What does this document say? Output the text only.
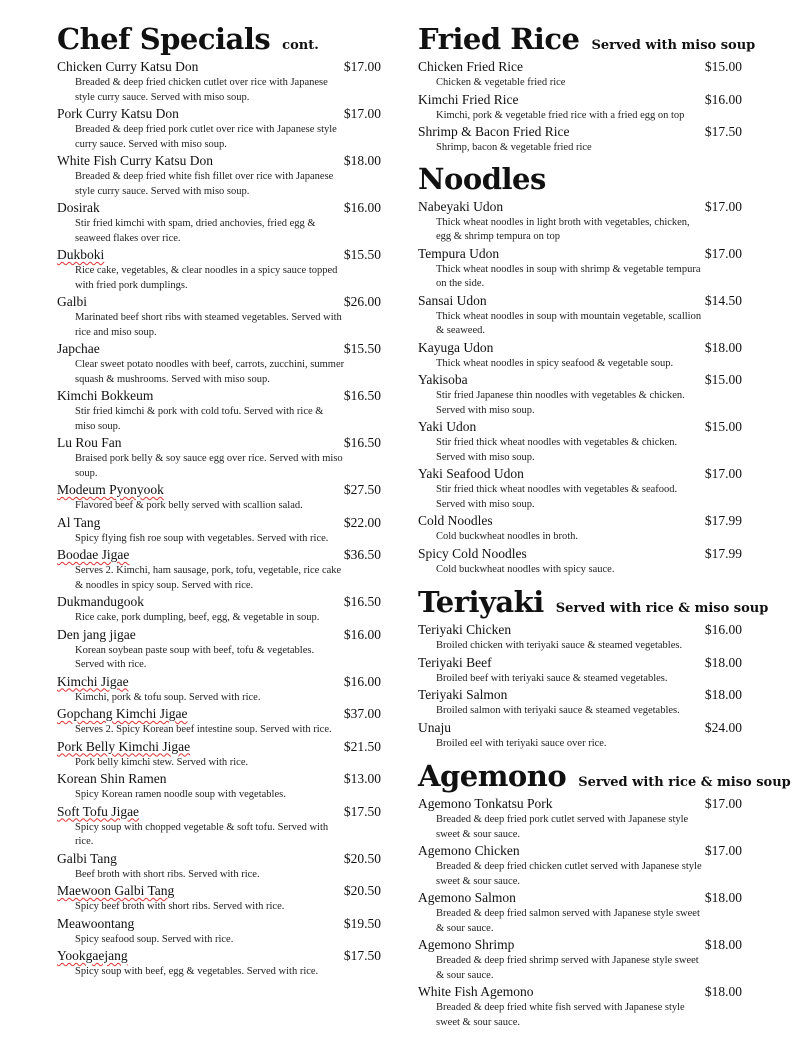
Chef Specials cont.
Chicken Curry Katsu Don	$17.00

Breaded & deep fried chicken cutlet over rice with Japanese style curry sauce. Served with miso soup.

Pork Curry Katsu Don	$17.00

Breaded & deep fried pork cutlet over rice with Japanese style curry sauce. Served with miso soup.

White Fish Curry Katsu Don	$18.00

Breaded & deep fried white fish fillet over rice with Japanese style curry sauce. Served with miso soup.

Dosirak	$16.00

Stir fried kimchi with spam, dried anchovies, fried egg & seaweed flakes over rice.

Dukboki	$15.50

Rice cake, vegetables, & clear noodles in a spicy sauce topped with fried pork dumplings.

Galbi	$26.00

Marinated beef short ribs with steamed vegetables. Served with rice and miso soup.

Japchae	$15.50

Clear sweet potato noodles with beef, carrots, zucchini, summer squash & mushrooms. Served with miso soup.

Kimchi Bokkeum	$16.50

Stir fried kimchi & pork with cold tofu. Served with rice & miso soup.

Lu Rou Fan	$16.50

Braised pork belly & soy sauce egg over rice. Served with miso soup.

Modeum Pyonyook	$27.50

Flavored beef & pork belly served with scallion salad.

Al Tang	$22.00

Spicy flying fish roe soup with vegetables. Served with rice.

Boodae Jigae	$36.50

Serves 2. Kimchi, ham sausage, pork, tofu, vegetable, rice cake & noodles in spicy soup. Served with rice.

Dukmandugook	$16.50

Rice cake, pork dumpling, beef, egg, & vegetable in soup.

Den jang jigae	$16.00

Korean soybean paste soup with beef, tofu & vegetables. Served with rice.

Kimchi Jigae	$16.00

Kimchi, pork & tofu soup. Served with rice.

Gopchang Kimchi Jigae	$37.00

Serves 2. Spicy Korean beef intestine soup. Served with rice.

Pork Belly Kimchi Jigae	$21.50

Pork belly kimchi stew. Served with rice.

Korean Shin Ramen	$13.00

Spicy Korean ramen noodle soup with vegetables.

Soft Tofu Jigae	$17.50

Spicy soup with chopped vegetable & soft tofu. Served with rice.

Galbi Tang	$20.50

Beef broth with short ribs. Served with rice.

Maewoon Galbi Tang	$20.50

Spicy beef broth with short ribs. Served with rice.

Meawoontang	$19.50

Spicy seafood soup. Served with rice.

Yookgaejang	$17.50

Spicy soup with beef, egg & vegetables. Served with rice.

Fried Rice Served with miso soup
Chicken Fried Rice	$15.00

Chicken & vegetable fried rice

Kimchi Fried Rice	$16.00

Kimchi, pork & vegetable fried rice with a fried egg on top

Shrimp & Bacon Fried Rice	$17.50

Shrimp, bacon & vegetable fried rice

Noodles
Nabeyaki Udon	$17.00

Thick wheat noodles in light broth with vegetables, chicken, egg & shrimp tempura on top

Tempura Udon	$17.00

Thick wheat noodles in soup with shrimp & vegetable tempura on the side.

Sansai Udon	$14.50

Thick wheat noodles in soup with mountain vegetable, scallion & seaweed.

Kayuga Udon	$18.00

Thick wheat noodles in spicy seafood & vegetable soup.

Yakisoba	$15.00

Stir fried Japanese thin noodles with vegetables & chicken. Served with miso soup.

Yaki Udon	$15.00

Stir fried thick wheat noodles with vegetables & chicken. Served with miso soup.

Yaki Seafood Udon	$17.00

Stir fried thick wheat noodles with vegetables & seafood. Served with miso soup.

Cold Noodles	$17.99

Cold buckwheat noodles in broth.

Spicy Cold Noodles	$17.99

Cold buckwheat noodles with spicy sauce.

Teriyaki Served with rice & miso soup
Teriyaki Chicken	$16.00

Broiled chicken with teriyaki sauce & steamed vegetables.

Teriyaki Beef	$18.00

Broiled beef with teriyaki sauce & steamed vegetables.

Teriyaki Salmon	$18.00

Broiled salmon with teriyaki sauce & steamed vegetables.

Unaju	$24.00

Broiled eel with teriyaki sauce over rice.

Agemono Served with rice & miso soup
Agemono Tonkatsu Pork	$17.00

Breaded & deep fried pork cutlet served with Japanese style sweet & sour sauce.

Agemono Chicken	$17.00

Breaded & deep fried chicken cutlet served with Japanese style sweet & sour sauce.

Agemono Salmon	$18.00

Breaded & deep fried salmon served with Japanese style sweet & sour sauce.

Agemono Shrimp	$18.00

Breaded & deep fried shrimp served with Japanese style sweet & sour sauce.

White Fish Agemono	$18.00

Breaded & deep fried white fish served with Japanese style sweet & sour sauce.
